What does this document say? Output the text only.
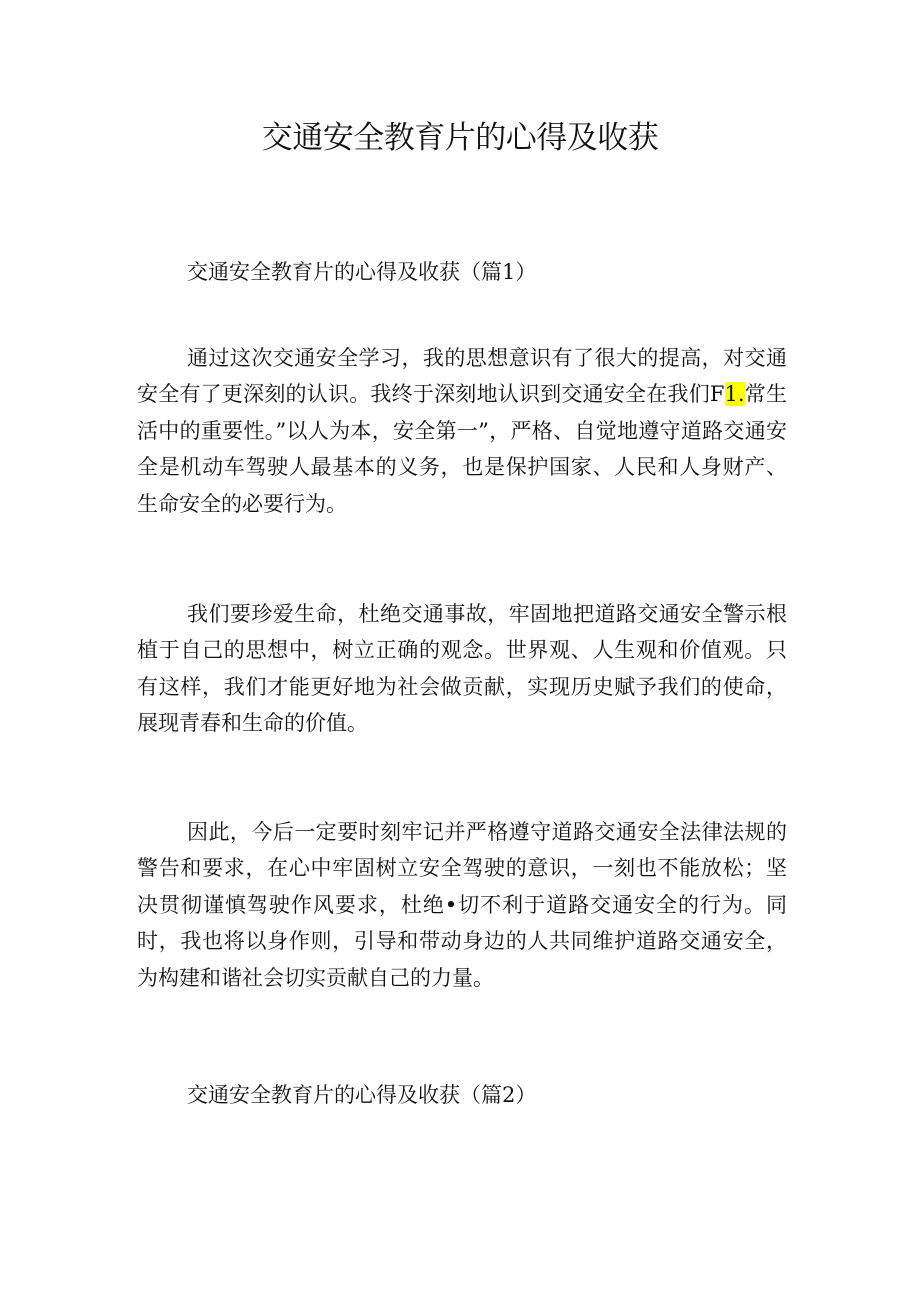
交通安全教育片的心得及收获

交通安全教育片的心得及收获（篇1）

通过这次交通安全学习，我的思想意识有了很大的提高，对交通安全有了更深刻的认识。我终于深刻地认识到交通安全在我们F1.常生活中的重要性。”以人为本，安全第一”，严格、自觉地遵守道路交通安全是机动车驾驶人最基本的义务，也是保护国家、人民和人身财产、生命安全的必要行为。

我们要珍爱生命，杜绝交通事故，牢固地把道路交通安全警示根植于自己的思想中，树立正确的观念。世界观、人生观和价值观。只有这样，我们才能更好地为社会做贡献，实现历史赋予我们的使命，展现青春和生命的价值。

因此，今后一定要时刻牢记并严格遵守道路交通安全法律法规的警告和要求，在心中牢固树立安全驾驶的意识，一刻也不能放松；坚决贯彻谨慎驾驶作风要求，杜绝•切不利于道路交通安全的行为。同时，我也将以身作则，引导和带动身边的人共同维护道路交通安全，为构建和谐社会切实贡献自己的力量。

交通安全教育片的心得及收获（篇2）
